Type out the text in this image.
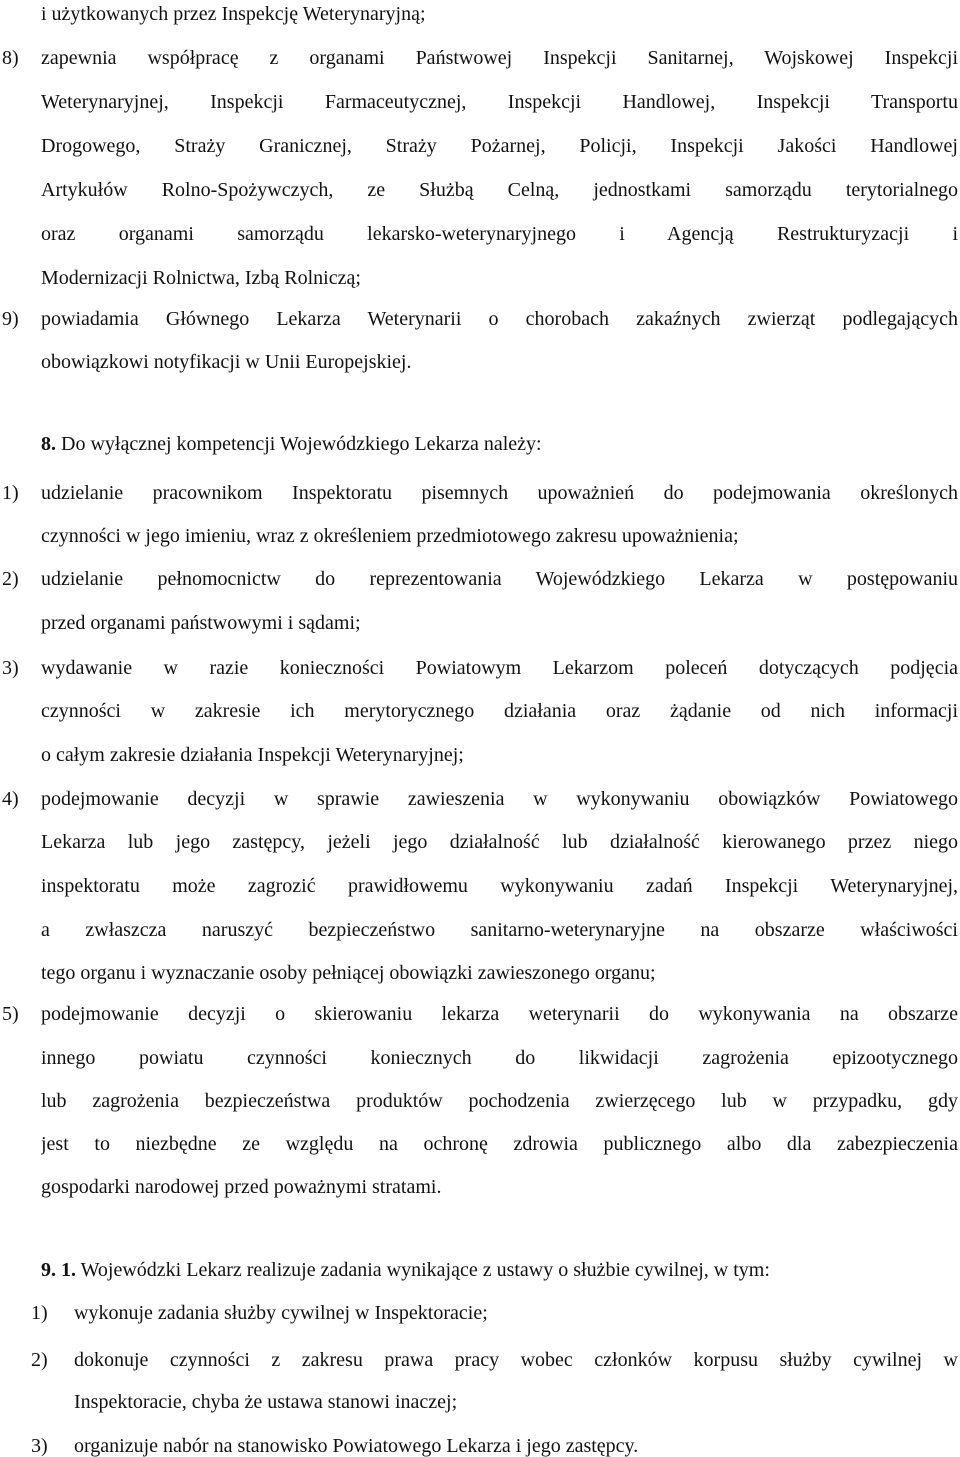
i użytkowanych przez Inspekcję Weterynaryjną;
8) zapewnia współpracę z organami Państwowej Inspekcji Sanitarnej, Wojskowej Inspekcji
Weterynaryjnej, Inspekcji Farmaceutycznej, Inspekcji Handlowej, Inspekcji Transportu
Drogowego, Straży Granicznej, Straży Pożarnej, Policji, Inspekcji Jakości Handlowej
Artykułów Rolno-Spożywczych, ze Służbą Celną, jednostkami samorządu terytorialnego
oraz organami samorządu lekarsko-weterynaryjnego i Agencją Restrukturyzacji i
Modernizacji Rolnictwa, Izbą Rolniczą;
9) powiadamia Głównego Lekarza Weterynarii o chorobach zakaźnych zwierząt podlegających
obowiązkowi notyfikacji w Unii Europejskiej.
8. Do wyłącznej kompetencji Wojewódzkiego Lekarza należy:
1) udzielanie pracownikom Inspektoratu pisemnych upoważnień do podejmowania określonych
czynności w jego imieniu, wraz z określeniem przedmiotowego zakresu upoważnienia;
2) udzielanie pełnomocnictw do reprezentowania Wojewódzkiego Lekarza w postępowaniu
przed organami państwowymi i sądami;
3) wydawanie w razie konieczności Powiatowym Lekarzom poleceń dotyczących podjęcia
czynności w zakresie ich merytorycznego działania oraz żądanie od nich informacji
o całym zakresie działania Inspekcji Weterynaryjnej;
4) podejmowanie decyzji w sprawie zawieszenia w wykonywaniu obowiązków Powiatowego
Lekarza lub jego zastępcy, jeżeli jego działalność lub działalność kierowanego przez niego
inspektoratu może zagrozić prawidłowemu wykonywaniu zadań Inspekcji Weterynaryjnej,
a zwłaszcza naruszyć bezpieczeństwo sanitarno-weterynaryjne na obszarze właściwości
tego organu i wyznaczanie osoby pełniącej obowiązki zawieszonego organu;
5) podejmowanie decyzji o skierowaniu lekarza weterynarii do wykonywania na obszarze
innego powiatu czynności koniecznych do likwidacji zagrożenia epizootycznego
lub zagrożenia bezpieczeństwa produktów pochodzenia zwierzęcego lub w przypadku, gdy
jest to niezbędne ze względu na ochronę zdrowia publicznego albo dla zabezpieczenia
gospodarki narodowej przed poważnymi stratami.
9. 1. Wojewódzki Lekarz realizuje zadania wynikające z ustawy o służbie cywilnej, w tym:
1) wykonuje zadania służby cywilnej w Inspektoracie;
2) dokonuje czynności z zakresu prawa pracy wobec członków korpusu służby cywilnej w
Inspektoracie, chyba że ustawa stanowi inaczej;
3) organizuje nabór na stanowisko Powiatowego Lekarza i jego zastępcy.
